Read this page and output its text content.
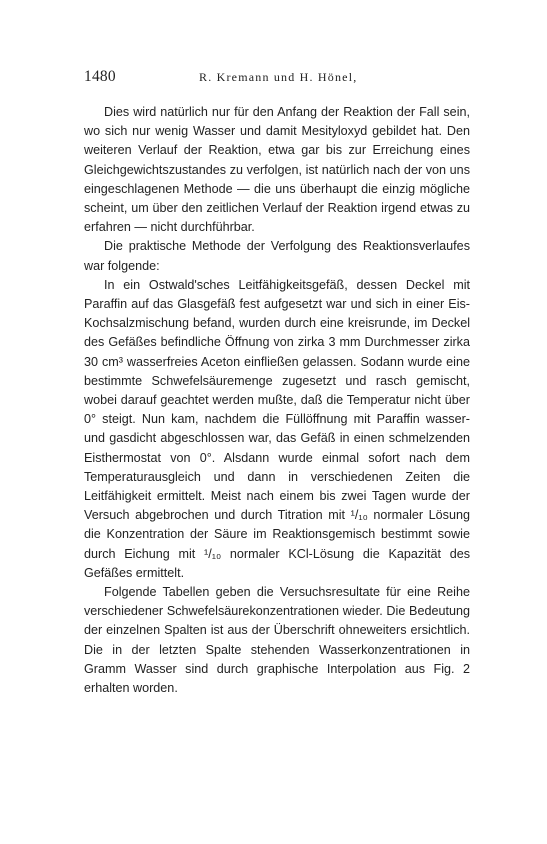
1480	R. Kremann und H. Hönel,

Dies wird natürlich nur für den Anfang der Reaktion der Fall sein, wo sich nur wenig Wasser und damit Mesityloxyd gebildet hat. Den weiteren Verlauf der Reaktion, etwa gar bis zur Erreichung eines Gleichgewichtszustandes zu verfolgen, ist natürlich nach der von uns eingeschlagenen Methode — die uns überhaupt die einzig mögliche scheint, um über den zeitlichen Verlauf der Reaktion irgend etwas zu erfahren — nicht durchführbar.

Die praktische Methode der Verfolgung des Reaktionsverlaufes war folgende:

In ein Ostwald'sches Leitfähigkeitsgefäß, dessen Deckel mit Paraffin auf das Glasgefäß fest aufgesetzt war und sich in einer Eis-Kochsalzmischung befand, wurden durch eine kreisrunde, im Deckel des Gefäßes befindliche Öffnung von zirka 3 mm Durchmesser zirka 30 cm³ wasserfreies Aceton einfließen gelassen. Sodann wurde eine bestimmte Schwefelsäuremenge zugesetzt und rasch gemischt, wobei darauf geachtet werden mußte, daß die Temperatur nicht über 0° steigt. Nun kam, nachdem die Füllöffnung mit Paraffin wasser- und gasdicht abgeschlossen war, das Gefäß in einen schmelzenden Eisthermostat von 0°. Alsdann wurde einmal sofort nach dem Temperaturausgleich und dann in verschiedenen Zeiten die Leitfähigkeit ermittelt. Meist nach einem bis zwei Tagen wurde der Versuch abgebrochen und durch Titration mit ¹/₁₀ normaler Lösung die Konzentration der Säure im Reaktionsgemisch bestimmt sowie durch Eichung mit ¹/₁₀ normaler KCl-Lösung die Kapazität des Gefäßes ermittelt.

Folgende Tabellen geben die Versuchsresultate für eine Reihe verschiedener Schwefelsäurekonzentrationen wieder. Die Bedeutung der einzelnen Spalten ist aus der Überschrift ohneweiters ersichtlich. Die in der letzten Spalte stehenden Wasserkonzentrationen in Gramm Wasser sind durch graphische Interpolation aus Fig. 2 erhalten worden.
